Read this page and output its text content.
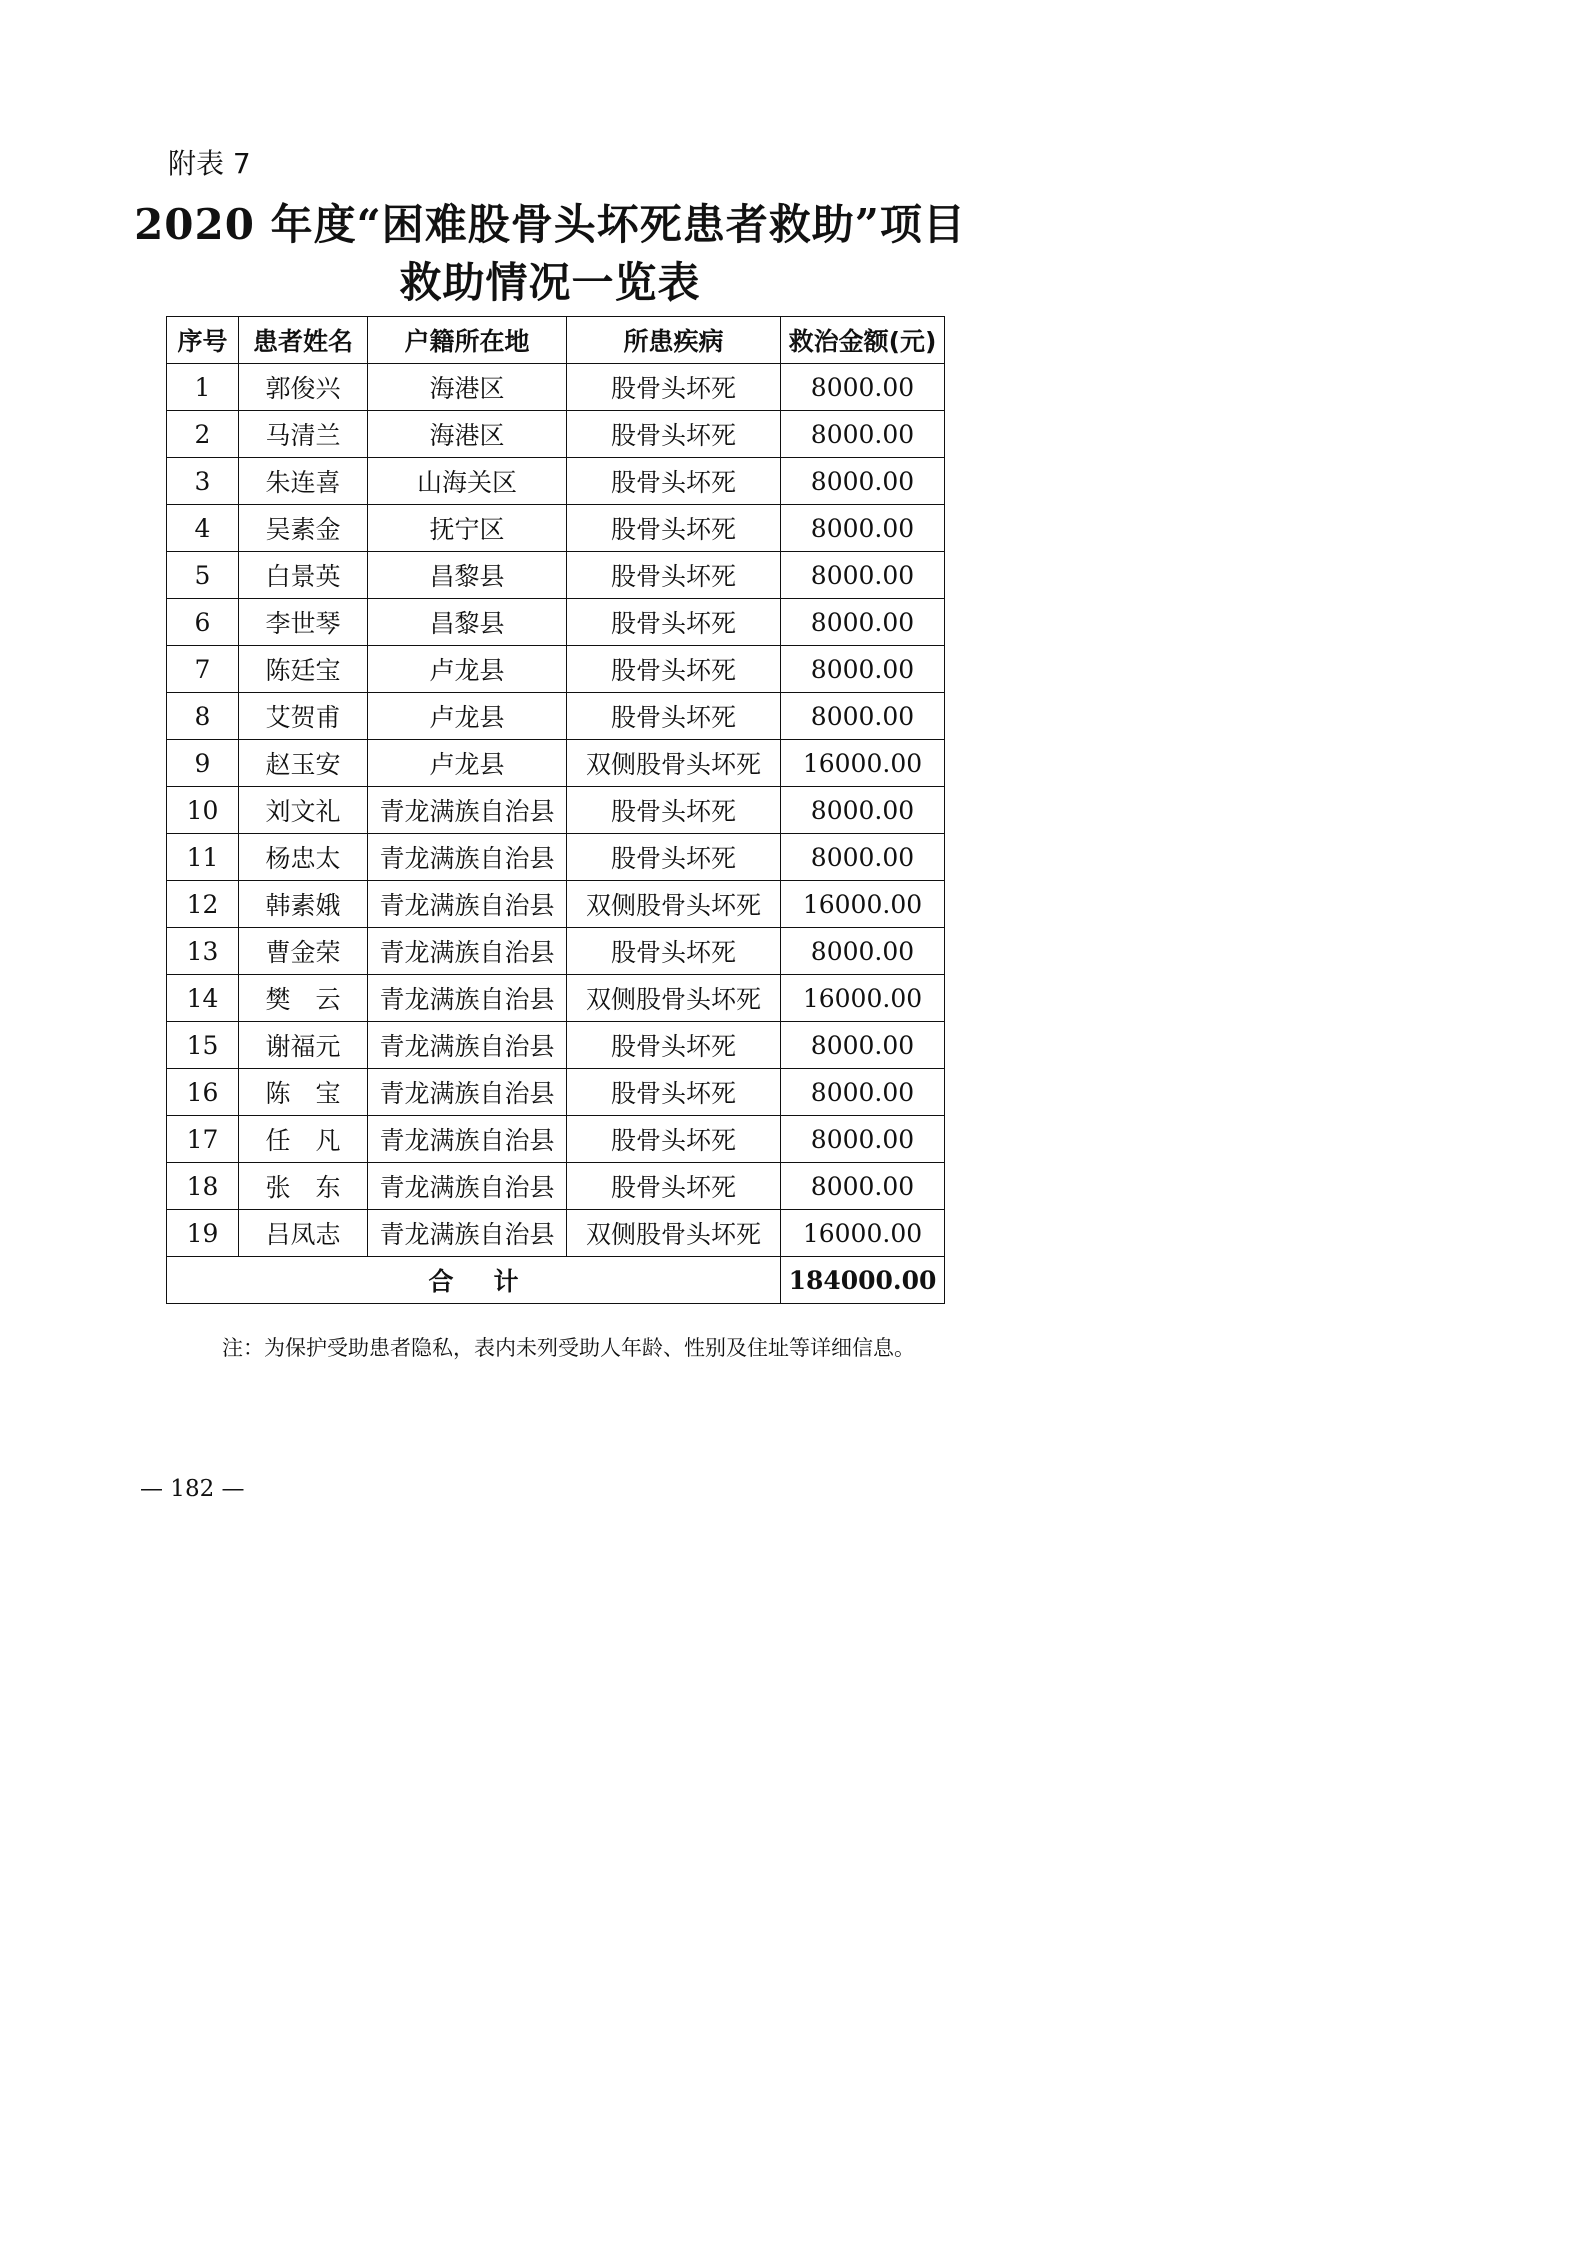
附表 7
2020 年度“困难股骨头坏死患者救助”项目
救助情况一览表
序号	患者姓名	户籍所在地	所患疾病	救治金额(元)
1	郭俊兴	海港区	股骨头坏死	8000.00
2	马清兰	海港区	股骨头坏死	8000.00
3	朱连喜	山海关区	股骨头坏死	8000.00
4	吴素金	抚宁区	股骨头坏死	8000.00
5	白景英	昌黎县	股骨头坏死	8000.00
6	李世琴	昌黎县	股骨头坏死	8000.00
7	陈廷宝	卢龙县	股骨头坏死	8000.00
8	艾贺甫	卢龙县	股骨头坏死	8000.00
9	赵玉安	卢龙县	双侧股骨头坏死	16000.00
10	刘文礼	青龙满族自治县	股骨头坏死	8000.00
11	杨忠太	青龙满族自治县	股骨头坏死	8000.00
12	韩素娥	青龙满族自治县	双侧股骨头坏死	16000.00
13	曹金荣	青龙满族自治县	股骨头坏死	8000.00
14	樊　云	青龙满族自治县	双侧股骨头坏死	16000.00
15	谢福元	青龙满族自治县	股骨头坏死	8000.00
16	陈　宝	青龙满族自治县	股骨头坏死	8000.00
17	任　凡	青龙满族自治县	股骨头坏死	8000.00
18	张　东	青龙满族自治县	股骨头坏死	8000.00
19	吕凤志	青龙满族自治县	双侧股骨头坏死	16000.00
合计				184000.00
注：为保护受助患者隐私，表内未列受助人年龄、性别及住址等详细信息。
— 182 —
